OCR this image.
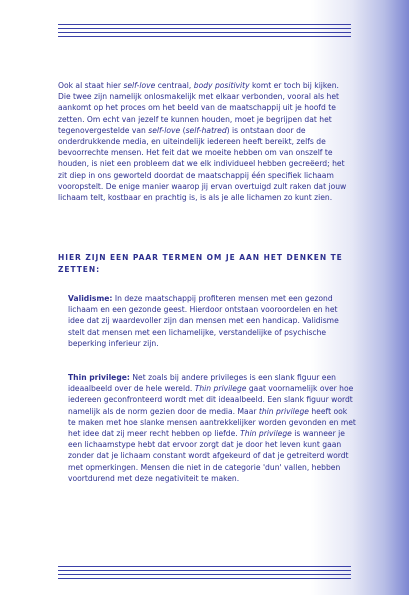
Ook al staat hier self-love centraal, body positivity komt er toch bij kijken. Die twee zijn namelijk onlosmakelijk met elkaar verbonden, vooral als het aankomt op het proces om het beeld van de maatschappij uit je hoofd te zetten. Om echt van jezelf te kunnen houden, moet je begrijpen dat het tegenovergestelde van self-love (self-hatred) is ontstaan door de onderdrukkende media, en uiteindelijk iedereen heeft bereikt, zelfs de bevoorrechte mensen. Het feit dat we moeite hebben om van onszelf te houden, is niet een probleem dat we elk individueel hebben gecreëerd; het zit diep in ons geworteld doordat de maatschappij één specifiek lichaam vooropstelt. De enige manier waarop jij ervan overtuigd zult raken dat jouw lichaam telt, kostbaar en prachtig is, is als je alle lichamen zo kunt zien.
HIER ZIJN EEN PAAR TERMEN OM JE AAN HET DENKEN TE ZETTEN:
Validisme: In deze maatschappij profiteren mensen met een gezond lichaam en een gezonde geest. Hierdoor ontstaan vooroordelen en het idee dat zij waardevoller zijn dan mensen met een handicap. Validisme stelt dat mensen met een lichamelijke, verstandelijke of psychische beperking inferieur zijn.
Thin privilege: Net zoals bij andere privileges is een slank figuur een ideaalbeeld over de hele wereld. Thin privilege gaat voornamelijk over hoe iedereen geconfronteerd wordt met dit ideaalbeeld. Een slank figuur wordt namelijk als de norm gezien door de media. Maar thin privilege heeft ook te maken met hoe slanke mensen aantrekkelijker worden gevonden en met het idee dat zij meer recht hebben op liefde. Thin privilege is wanneer je een lichaamstype hebt dat ervoor zorgt dat je door het leven kunt gaan zonder dat je lichaam constant wordt afgekeurd of dat je getreiterd wordt met opmerkingen. Mensen die niet in de categorie 'dun' vallen, hebben voortdurend met deze negativiteit te maken.
